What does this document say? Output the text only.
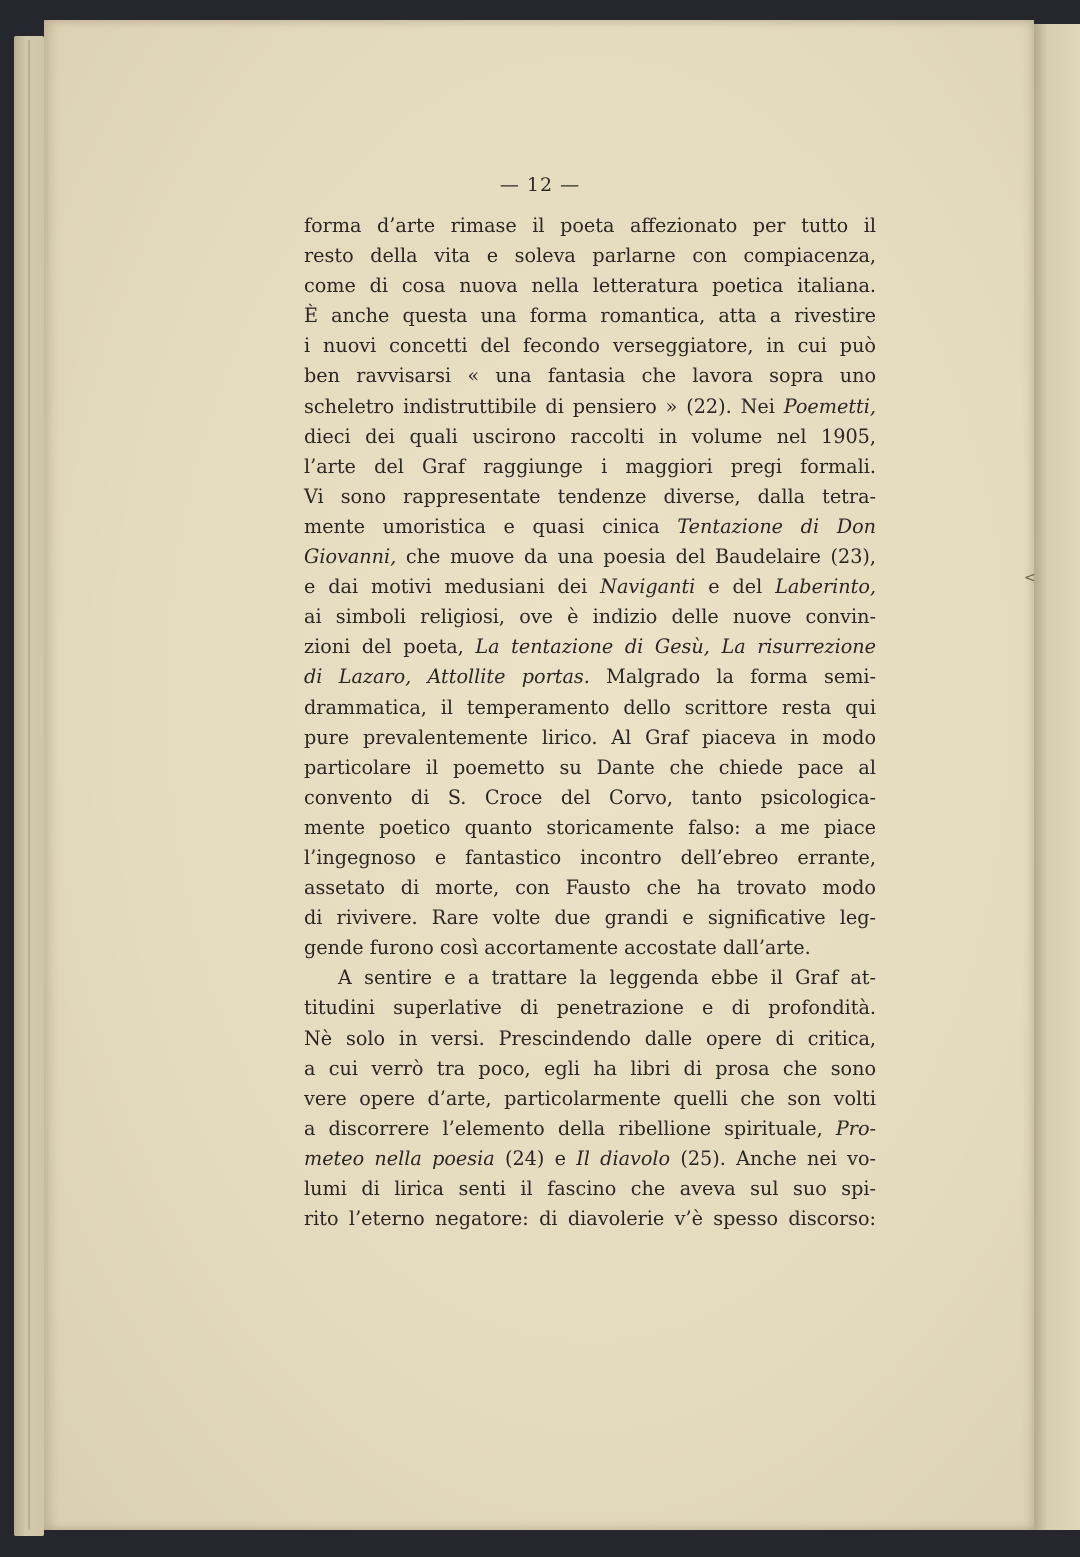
— 12 —
<
forma d’arte rimase il poeta affezionato per tutto il
resto della vita e soleva parlarne con compiacenza,
come di cosa nuova nella letteratura poetica italiana.
È anche questa una forma romantica, atta a rivestire
i nuovi concetti del fecondo verseggiatore, in cui può
ben ravvisarsi « una fantasia che lavora sopra uno
scheletro indistruttibile di pensiero » (22). Nei Poemetti,
dieci dei quali uscirono raccolti in volume nel 1905,
l’arte del Graf raggiunge i maggiori pregi formali.
Vi sono rappresentate tendenze diverse, dalla tetra-
mente umoristica e quasi cinica Tentazione di Don
Giovanni, che muove da una poesia del Baudelaire (23),
e dai motivi medusiani dei Naviganti e del Laberinto,
ai simboli religiosi, ove è indizio delle nuove convin-
zioni del poeta, La tentazione di Gesù, La risurrezione
di Lazaro, Attollite portas. Malgrado la forma semi-
drammatica, il temperamento dello scrittore resta qui
pure prevalentemente lirico. Al Graf piaceva in modo
particolare il poemetto su Dante che chiede pace al
convento di S. Croce del Corvo, tanto psicologica-
mente poetico quanto storicamente falso: a me piace
l’ingegnoso e fantastico incontro dell’ebreo errante,
assetato di morte, con Fausto che ha trovato modo
di rivivere. Rare volte due grandi e significative leg-
gende furono così accortamente accostate dall’arte.
A sentire e a trattare la leggenda ebbe il Graf at-
titudini superlative di penetrazione e di profondità.
Nè solo in versi. Prescindendo dalle opere di critica,
a cui verrò tra poco, egli ha libri di prosa che sono
vere opere d’arte, particolarmente quelli che son volti
a discorrere l’elemento della ribellione spirituale, Pro-
meteo nella poesia (24) e Il diavolo (25). Anche nei vo-
lumi di lirica senti il fascino che aveva sul suo spi-
rito l’eterno negatore: di diavolerie v’è spesso discorso:
